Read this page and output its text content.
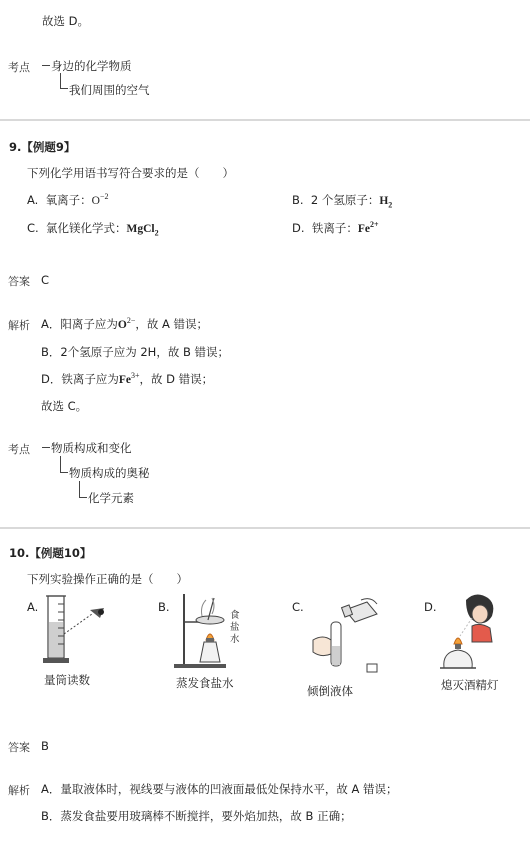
故选 D。
考点 身边的化学物质
我们周围的空气
9.【例题9】
下列化学用语书写符合要求的是（　　）
A. 氧离子：$O^{-2}$	B. 2 个氢原子：$H_2$
C. 氯化镁化学式：MgCl$_2$	D. 铁离子：$Fe^{2+}$
答案 C
解析 A．阳离子应为$O^{2-}$，故 A 错误；
B．2个氢原子应为 2H，故 B 错误；
D．铁离子应为$Fe^{3+}$，故 D 错误；
故选 C。
考点 物质构成和变化
物质构成的奥秘
化学元素
10.【例题10】
下列实验操作正确的是（　　）
A.
量筒读数
B.
食盐水
蒸发食盐水
C.
倾倒液体
D.
熄灭酒精灯
答案 B
解析 A．量取液体时，视线要与液体的凹液面最低处保持水平，故 A 错误；
B．蒸发食盐要用玻璃棒不断搅拌，要外焰加热，故 B 正确；
